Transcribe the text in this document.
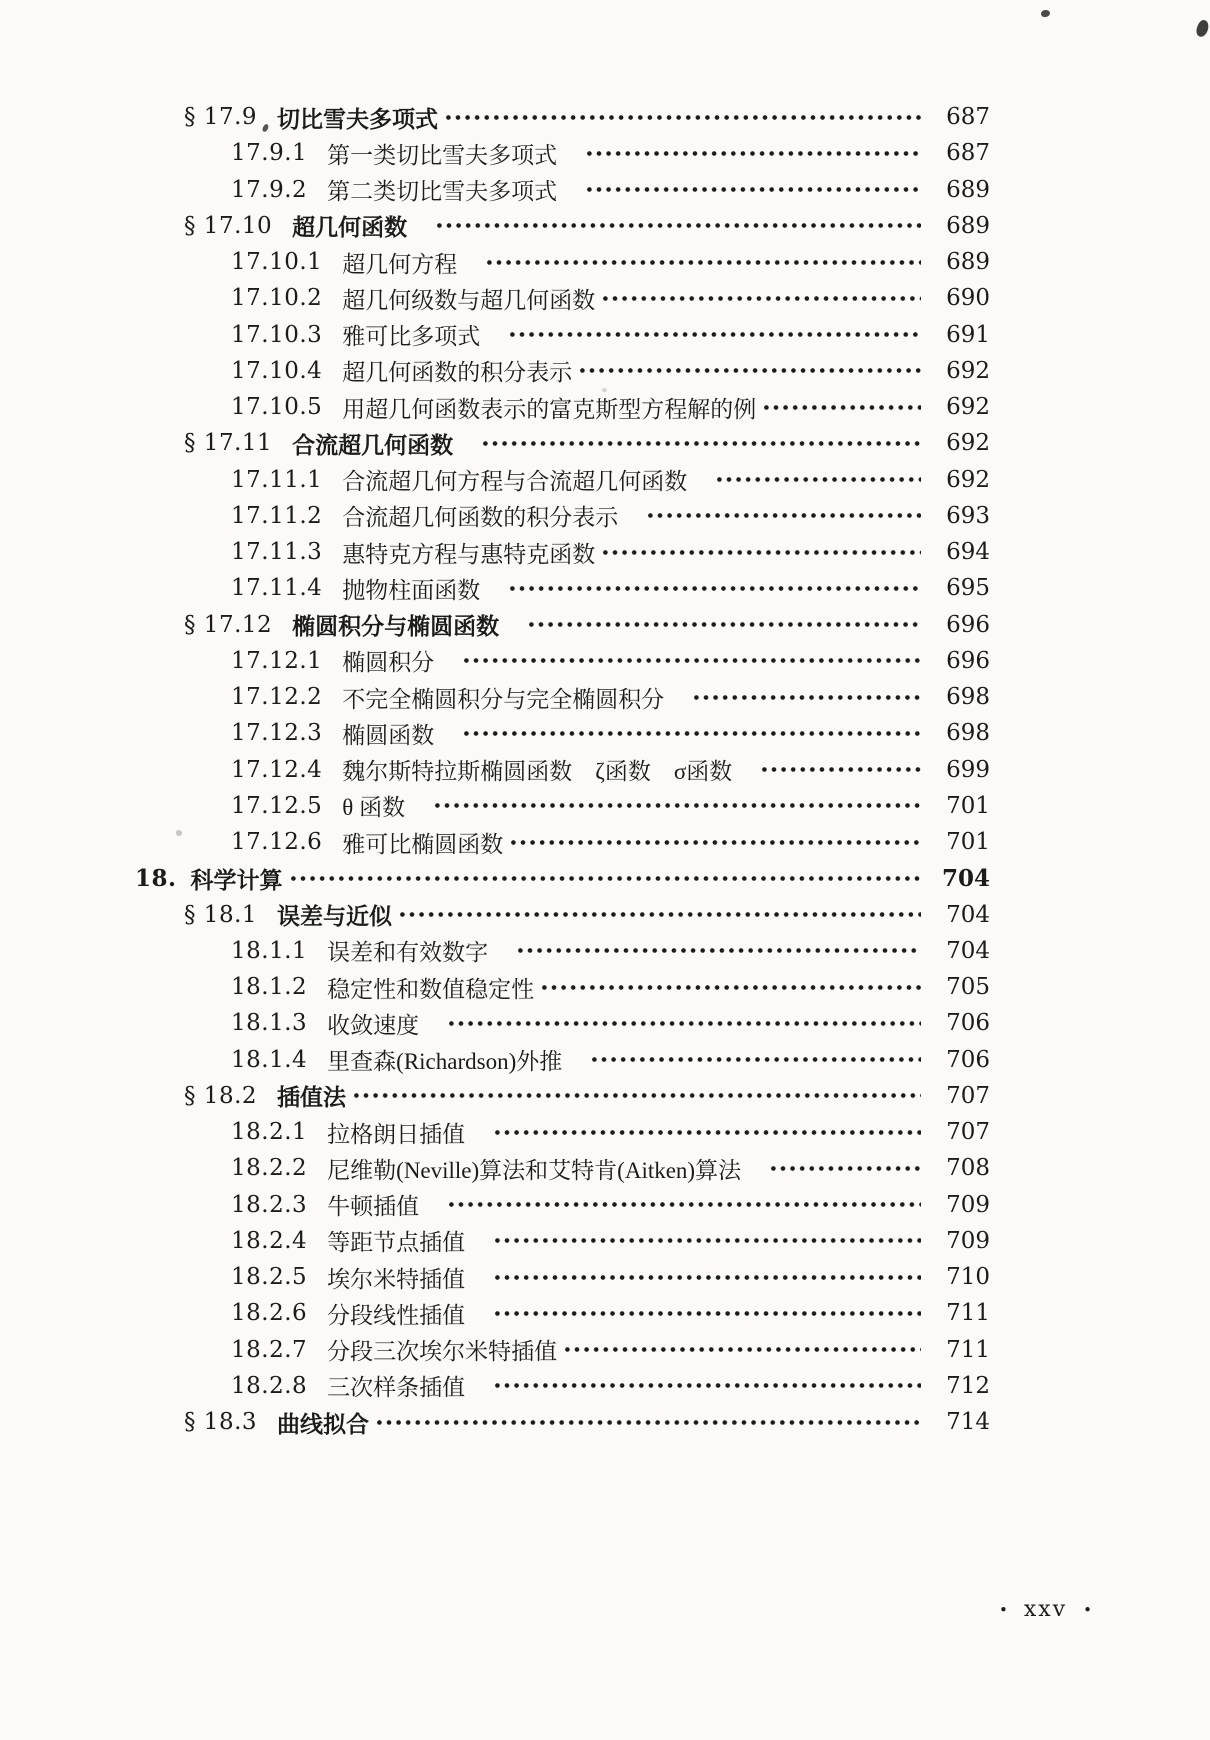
§ 17.9 切比雪夫多项式	687
17.9.1 第一类切比雪夫多项式	687
17.9.2 第二类切比雪夫多项式	689
§ 17.10 超几何函数	689
17.10.1 超几何方程	689
17.10.2 超几何级数与超几何函数	690
17.10.3 雅可比多项式	691
17.10.4 超几何函数的积分表示	692
17.10.5 用超几何函数表示的富克斯型方程解的例	692
§ 17.11 合流超几何函数	692
17.11.1 合流超几何方程与合流超几何函数	692
17.11.2 合流超几何函数的积分表示	693
17.11.3 惠特克方程与惠特克函数	694
17.11.4 抛物柱面函数	695
§ 17.12 椭圆积分与椭圆函数	696
17.12.1 椭圆积分	696
17.12.2 不完全椭圆积分与完全椭圆积分	698
17.12.3 椭圆函数	698
17.12.4 魏尔斯特拉斯椭圆函数　ζ函数　σ函数	699
17.12.5 θ 函数	701
17.12.6 雅可比椭圆函数	701
18. 科学计算	704
§ 18.1 误差与近似	704
18.1.1 误差和有效数字	704
18.1.2 稳定性和数值稳定性	705
18.1.3 收敛速度	706
18.1.4 里查森(Richardson)外推	706
§ 18.2 插值法	707
18.2.1 拉格朗日插值	707
18.2.2 尼维勒(Neville)算法和艾特肯(Aitken)算法	708
18.2.3 牛顿插值	709
18.2.4 等距节点插值	709
18.2.5 埃尔米特插值	710
18.2.6 分段线性插值	711
18.2.7 分段三次埃尔米特插值	711
18.2.8 三次样条插值	712
§ 18.3 曲线拟合	714
• xxv •
